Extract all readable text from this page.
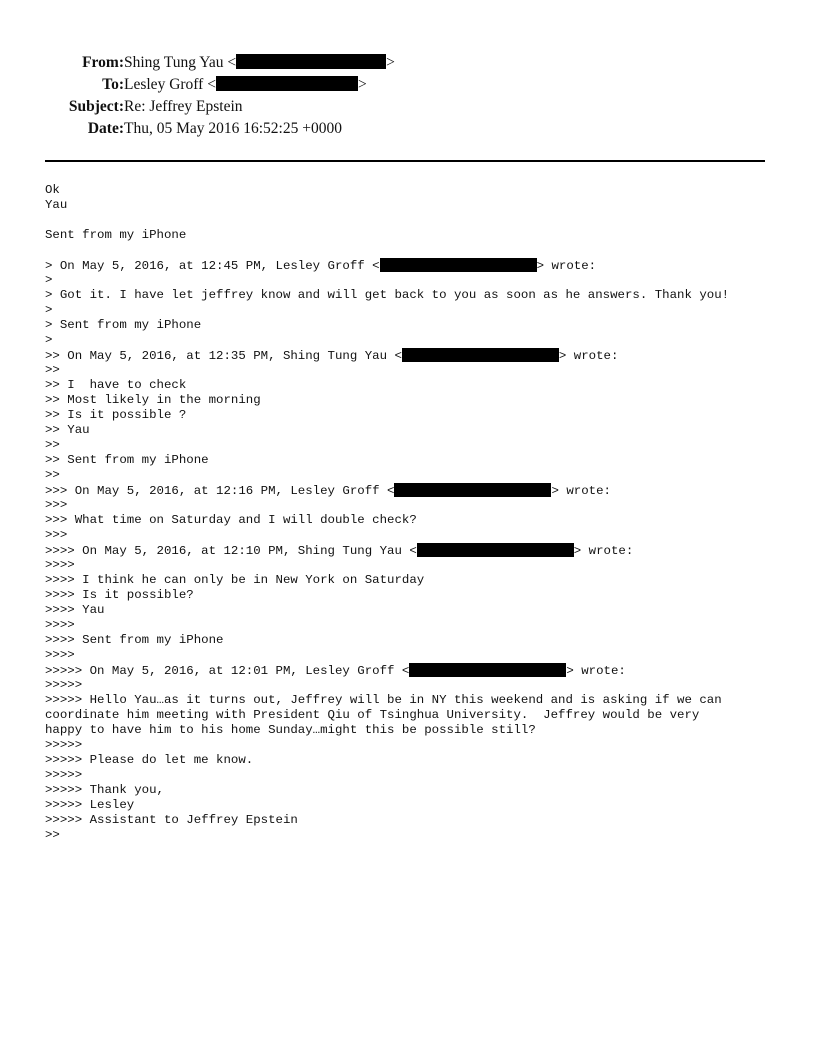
From: Shing Tung Yau <	>
To: Lesley Groff <	>
Subject: Re: Jeffrey Epstein
Date: Thu, 05 May 2016 16:52:25 +0000
Ok
Yau
Sent from my iPhone
> On May 5, 2016, at 12:45 PM, Lesley Groff <	> wrote:
>
> Got it. I have let jeffrey know and will get back to you as soon as he answers. Thank you!
>
> Sent from my iPhone
>
>> On May 5, 2016, at 12:35 PM, Shing Tung Yau <	> wrote:
>>
>> I  have to check
>> Most likely in the morning
>> Is it possible ?
>> Yau
>>
>> Sent from my iPhone
>>
>>> On May 5, 2016, at 12:16 PM, Lesley Groff <	> wrote:
>>>
>>> What time on Saturday and I will double check?
>>>
>>>> On May 5, 2016, at 12:10 PM, Shing Tung Yau <	> wrote:
>>>>
>>>> I think he can only be in New York on Saturday
>>>> Is it possible?
>>>> Yau
>>>>
>>>> Sent from my iPhone
>>>>
>>>>> On May 5, 2016, at 12:01 PM, Lesley Groff <	> wrote:
>>>>>
>>>>> Hello Yau…as it turns out, Jeffrey will be in NY this weekend and is asking if we can
coordinate him meeting with President Qiu of Tsinghua University.  Jeffrey would be very
happy to have him to his home Sunday…might this be possible still?
>>>>>
>>>>> Please do let me know.
>>>>>
>>>>> Thank you,
>>>>> Lesley
>>>>> Assistant to Jeffrey Epstein
>>
